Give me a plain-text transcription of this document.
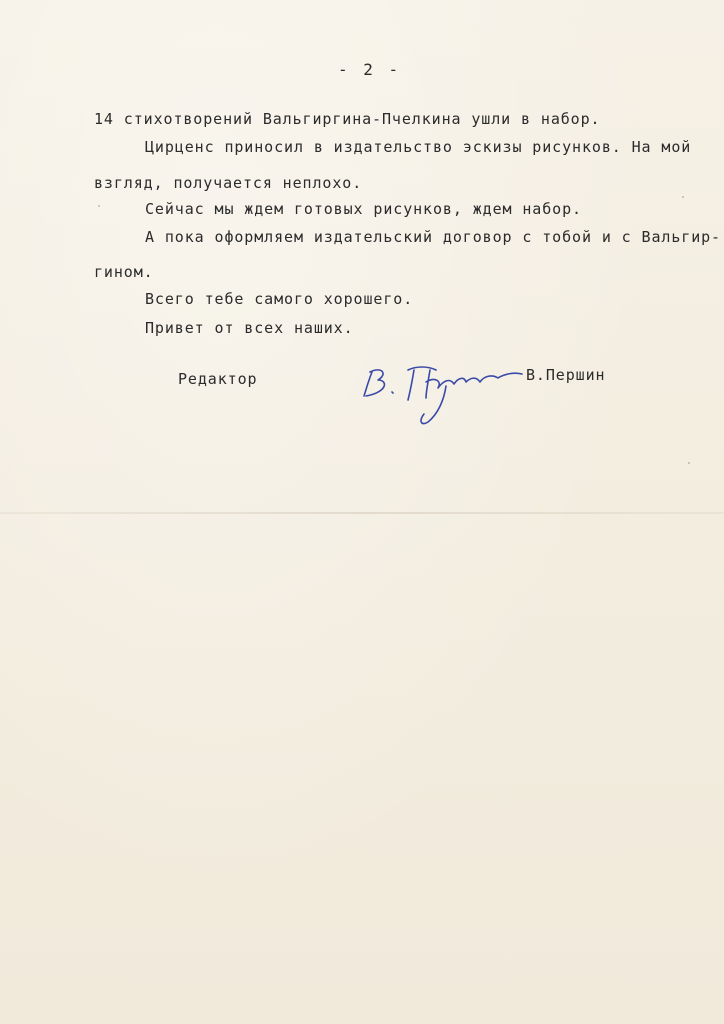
- 2 -
14 стихотворений Вальгиргина-Пчелкина ушли в набор.
Цирценс приносил в издательство эскизы рисунков. На мой
взгляд, получается неплохо.
Сейчас мы ждем готовых рисунков, ждем набор.
А пока оформляем издательский договор с тобой и с Вальгир-
гином.
Всего тебе самого хорошего.
Привет от всех наших.
Редактор	В.Першин
